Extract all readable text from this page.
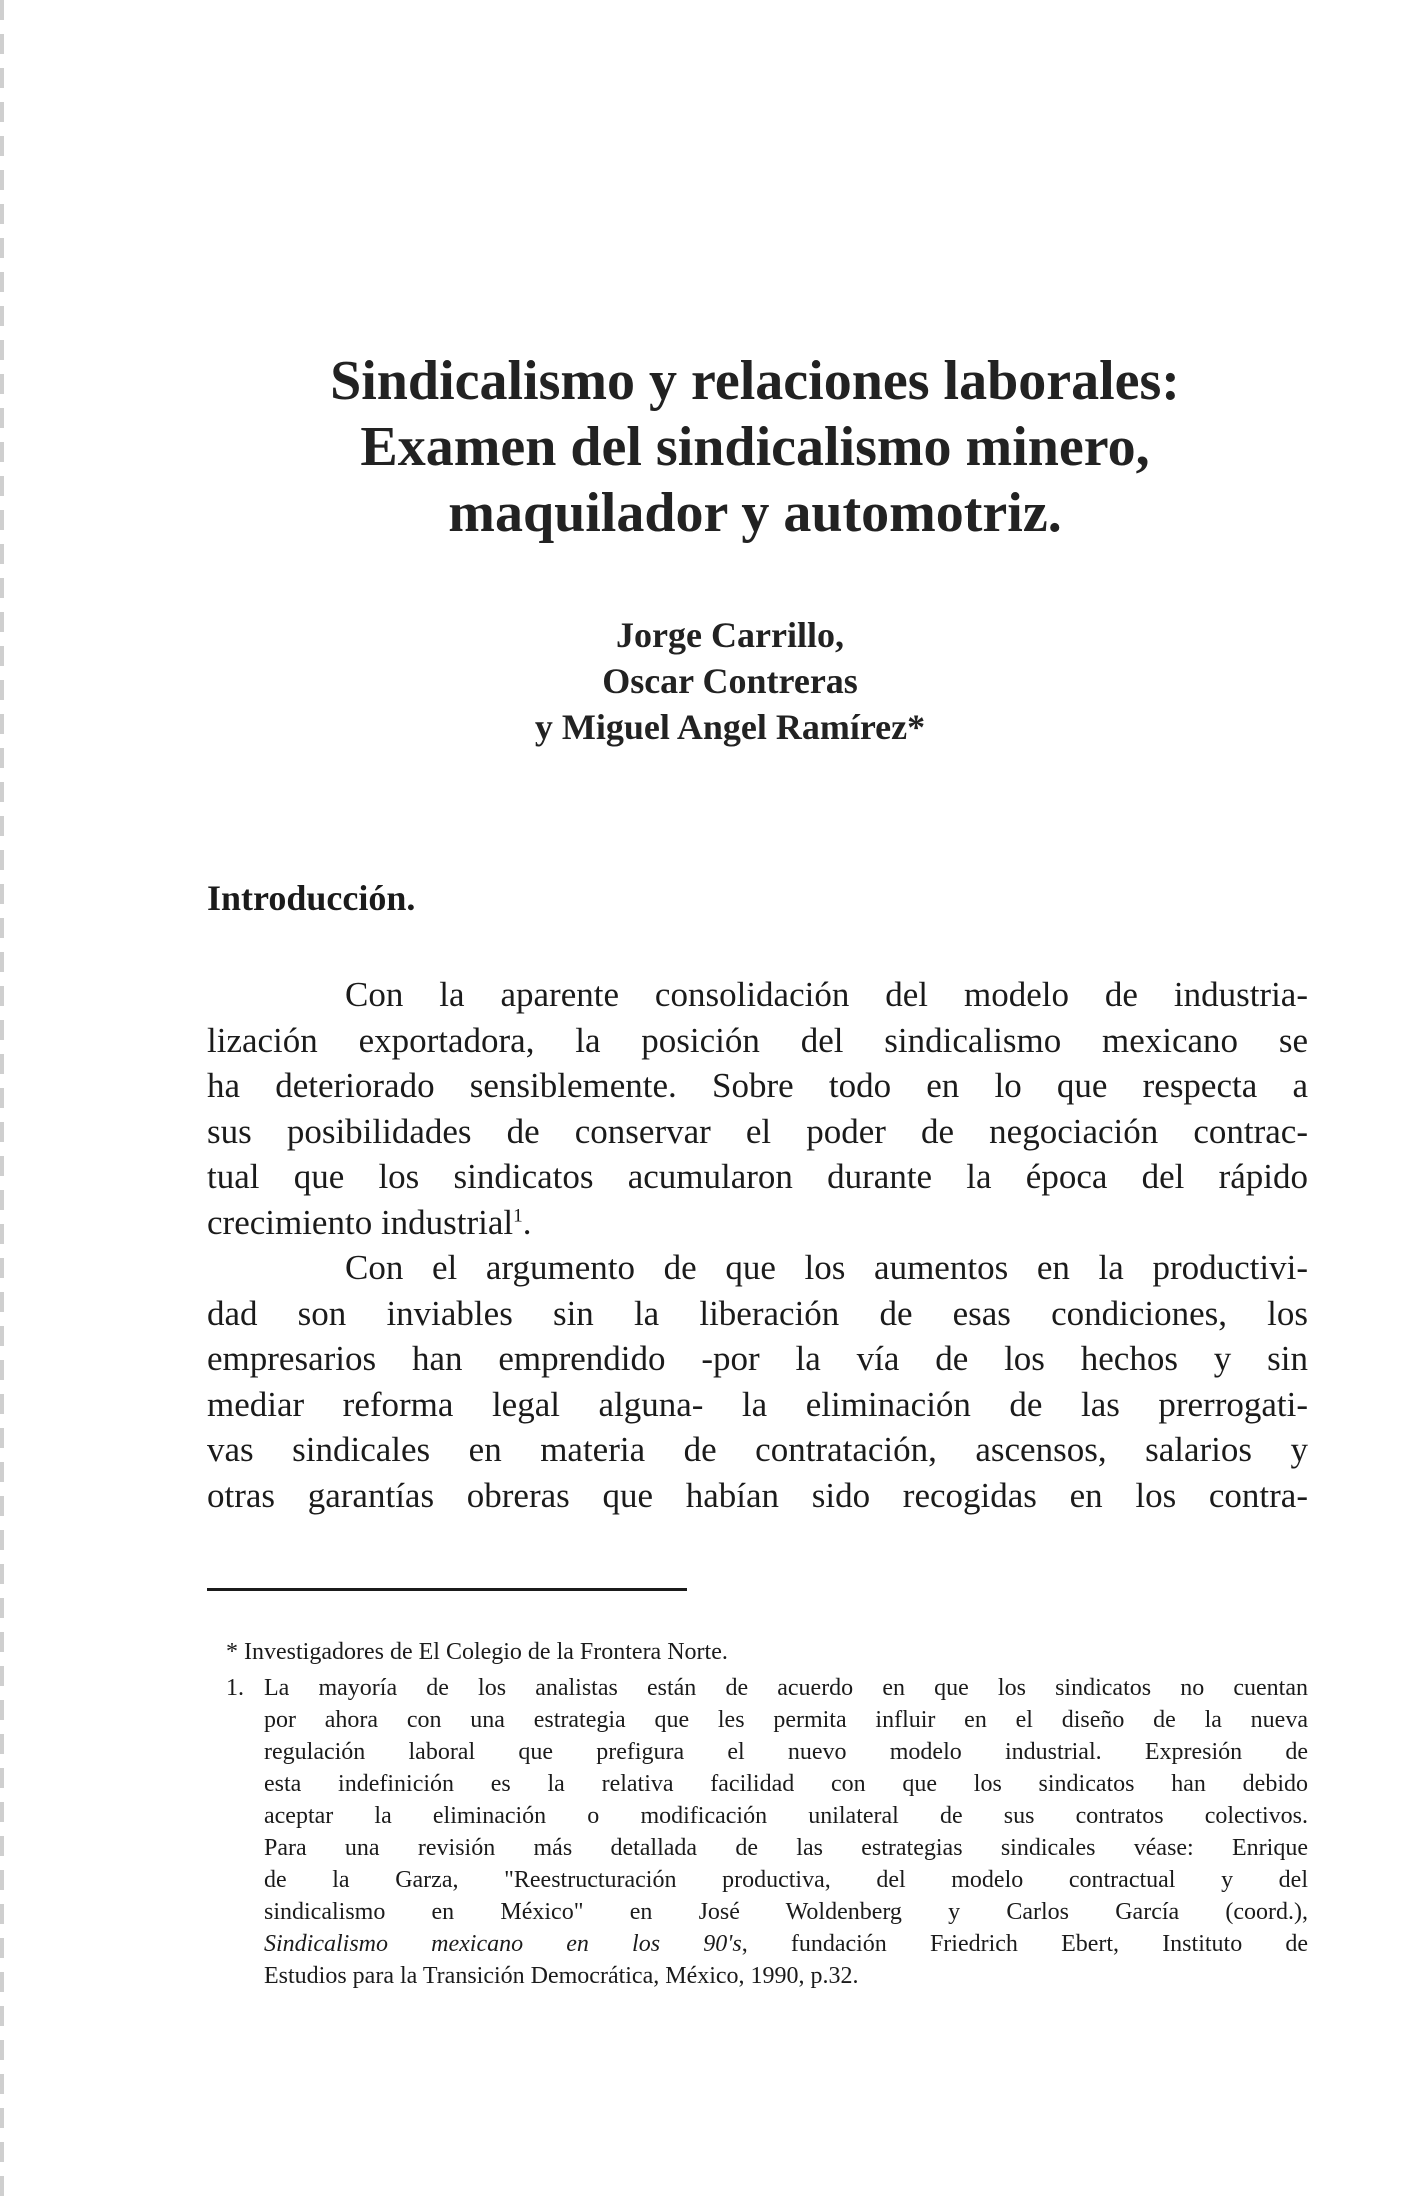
Sindicalismo y relaciones laborales:
Examen del sindicalismo minero,
maquilador y automotriz.
Jorge Carrillo,
Oscar Contreras
y Miguel Angel Ramírez*
Introducción.
Con la aparente consolidación del modelo de industria-
lización exportadora, la posición del sindicalismo mexicano se
ha deteriorado sensiblemente. Sobre todo en lo que respecta a
sus posibilidades de conservar el poder de negociación contrac-
tual que los sindicatos acumularon durante la época del rápido
crecimiento industrial$^1$.
Con el argumento de que los aumentos en la productivi-
dad son inviables sin la liberación de esas condiciones, los
empresarios han emprendido -por la vía de los hechos y sin
mediar reforma legal alguna- la eliminación de las prerrogati-
vas sindicales en materia de contratación, ascensos, salarios y
otras garantías obreras que habían sido recogidas en los contra-
* Investigadores de El Colegio de la Frontera Norte.
1. La mayoría de los analistas están de acuerdo en que los sindicatos no cuentan
por ahora con una estrategia que les permita influir en el diseño de la nueva
regulación laboral que prefigura el nuevo modelo industrial. Expresión de
esta indefinición es la relativa facilidad con que los sindicatos han debido
aceptar la eliminación o modificación unilateral de sus contratos colectivos.
Para una revisión más detallada de las estrategias sindicales véase: Enrique
de la Garza, "Reestructuración productiva, del modelo contractual y del
sindicalismo en México" en José Woldenberg y Carlos García (coord.),
Sindicalismo mexicano en los 90's, fundación Friedrich Ebert, Instituto de
Estudios para la Transición Democrática, México, 1990, p.32.
